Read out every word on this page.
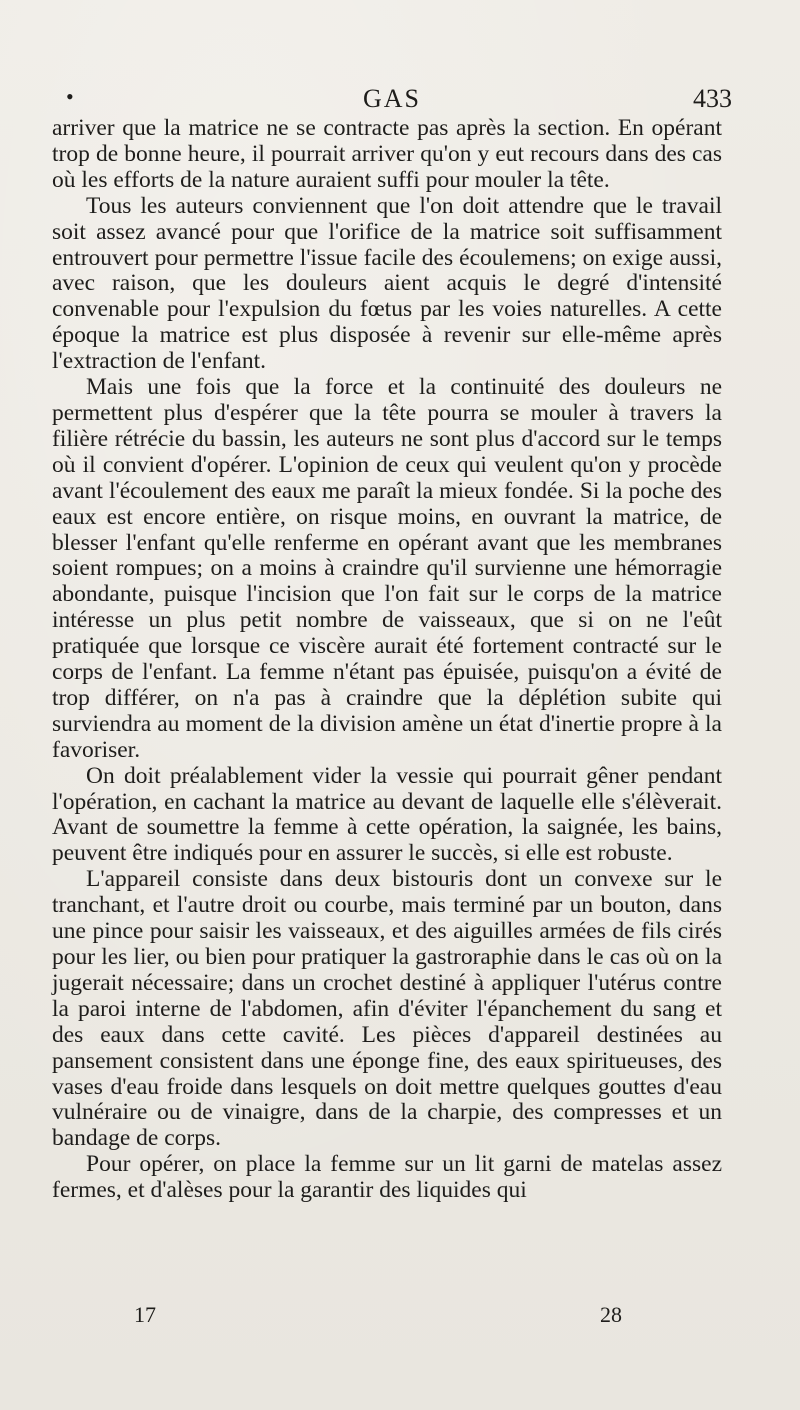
•	GAS	433

arriver que la matrice ne se contracte pas après la section. En opérant trop de bonne heure, il pourrait arriver qu'on y eut recours dans des cas où les efforts de la nature auraient suffi pour mouler la tête.

Tous les auteurs conviennent que l'on doit attendre que le travail soit assez avancé pour que l'orifice de la matrice soit suffisamment entrouvert pour permettre l'issue facile des écoulemens; on exige aussi, avec raison, que les douleurs aient acquis le degré d'intensité convenable pour l'expulsion du fœtus par les voies naturelles. A cette époque la matrice est plus disposée à revenir sur elle-même après l'extraction de l'enfant.

Mais une fois que la force et la continuité des douleurs ne permettent plus d'espérer que la tête pourra se mouler à travers la filière rétrécie du bassin, les auteurs ne sont plus d'accord sur le temps où il convient d'opérer. L'opinion de ceux qui veulent qu'on y procède avant l'écoulement des eaux me paraît la mieux fondée. Si la poche des eaux est encore entière, on risque moins, en ouvrant la matrice, de blesser l'enfant qu'elle renferme en opérant avant que les membranes soient rompues; on a moins à craindre qu'il survienne une hémorragie abondante, puisque l'incision que l'on fait sur le corps de la matrice intéresse un plus petit nombre de vaisseaux, que si on ne l'eût pratiquée que lorsque ce viscère aurait été fortement contracté sur le corps de l'enfant. La femme n'étant pas épuisée, puisqu'on a évité de trop différer, on n'a pas à craindre que la déplétion subite qui surviendra au moment de la division amène un état d'inertie propre à la favoriser.

On doit préalablement vider la vessie qui pourrait gêner pendant l'opération, en cachant la matrice au devant de laquelle elle s'élèverait. Avant de soumettre la femme à cette opération, la saignée, les bains, peuvent être indiqués pour en assurer le succès, si elle est robuste.

L'appareil consiste dans deux bistouris dont un convexe sur le tranchant, et l'autre droit ou courbe, mais terminé par un bouton, dans une pince pour saisir les vaisseaux, et des aiguilles armées de fils cirés pour les lier, ou bien pour pratiquer la gastroraphie dans le cas où on la jugerait nécessaire; dans un crochet destiné à appliquer l'utérus contre la paroi interne de l'abdomen, afin d'éviter l'épanchement du sang et des eaux dans cette cavité. Les pièces d'appareil destinées au pansement consistent dans une éponge fine, des eaux spiritueuses, des vases d'eau froide dans lesquels on doit mettre quelques gouttes d'eau vulnéraire ou de vinaigre, dans de la charpie, des compresses et un bandage de corps.

Pour opérer, on place la femme sur un lit garni de matelas assez fermes, et d'alèses pour la garantir des liquides qui

17	28
